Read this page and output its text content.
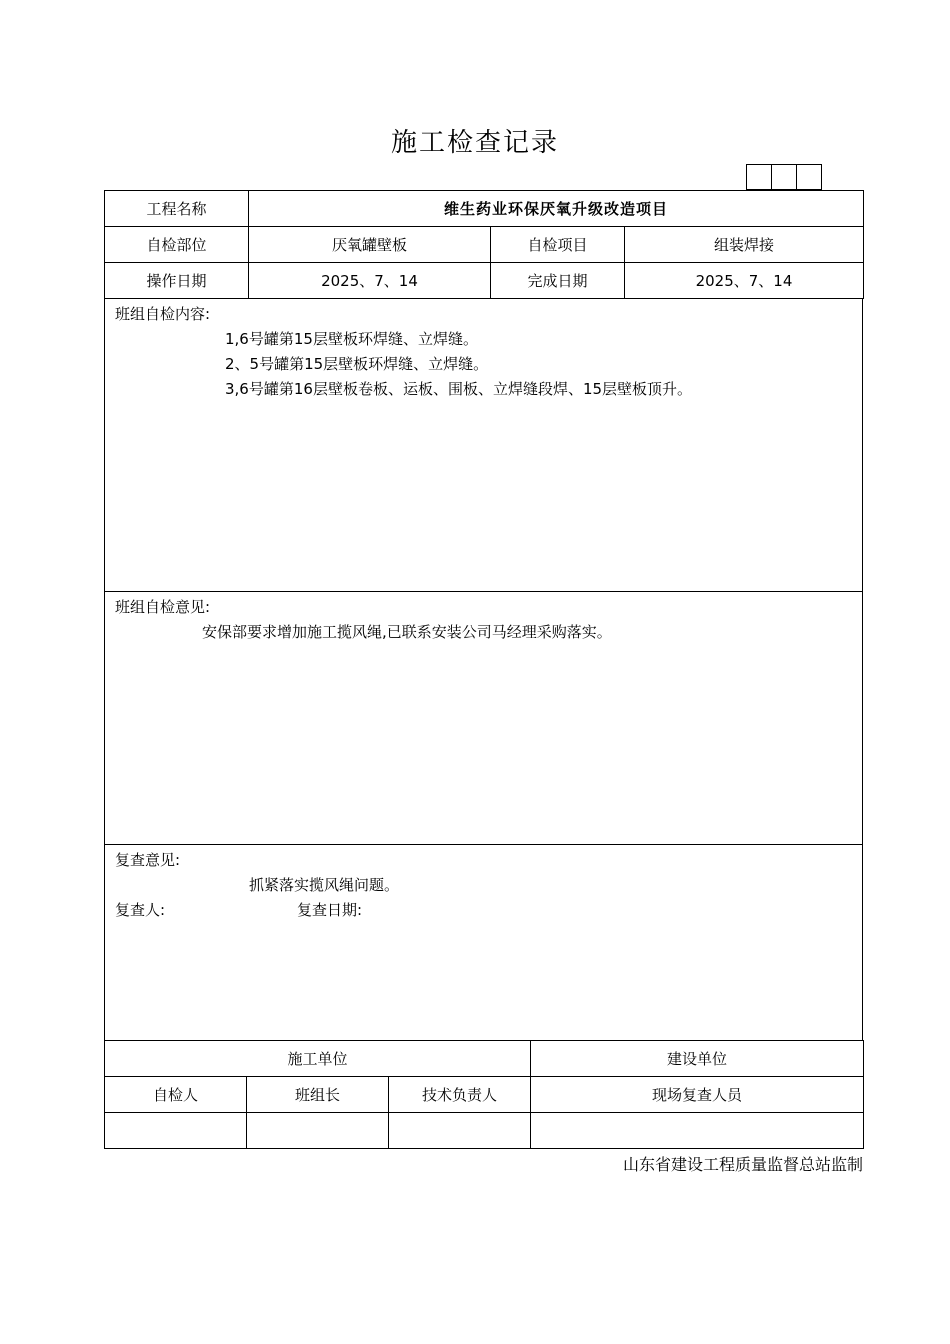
施工检查记录
工程名称	维生药业环保厌氧升级改造项目		
自检部位	厌氧罐壁板	自检项目	组装焊接
操作日期	2025、7、14	完成日期	2025、7、14
班组自检内容:
1,6号罐第15层壁板环焊缝、立焊缝。
2、5号罐第15层壁板环焊缝、立焊缝。
3,6号罐第16层壁板卷板、运板、围板、立焊缝段焊、15层壁板顶升。
班组自检意见:
安保部要求增加施工揽风绳,已联系安装公司马经理采购落实。
复查意见:
抓紧落实揽风绳问题。
复查人:	复查日期:
施工单位			建设单位
自检人	班组长	技术负责人	现场复查人员

山东省建设工程质量监督总站监制
